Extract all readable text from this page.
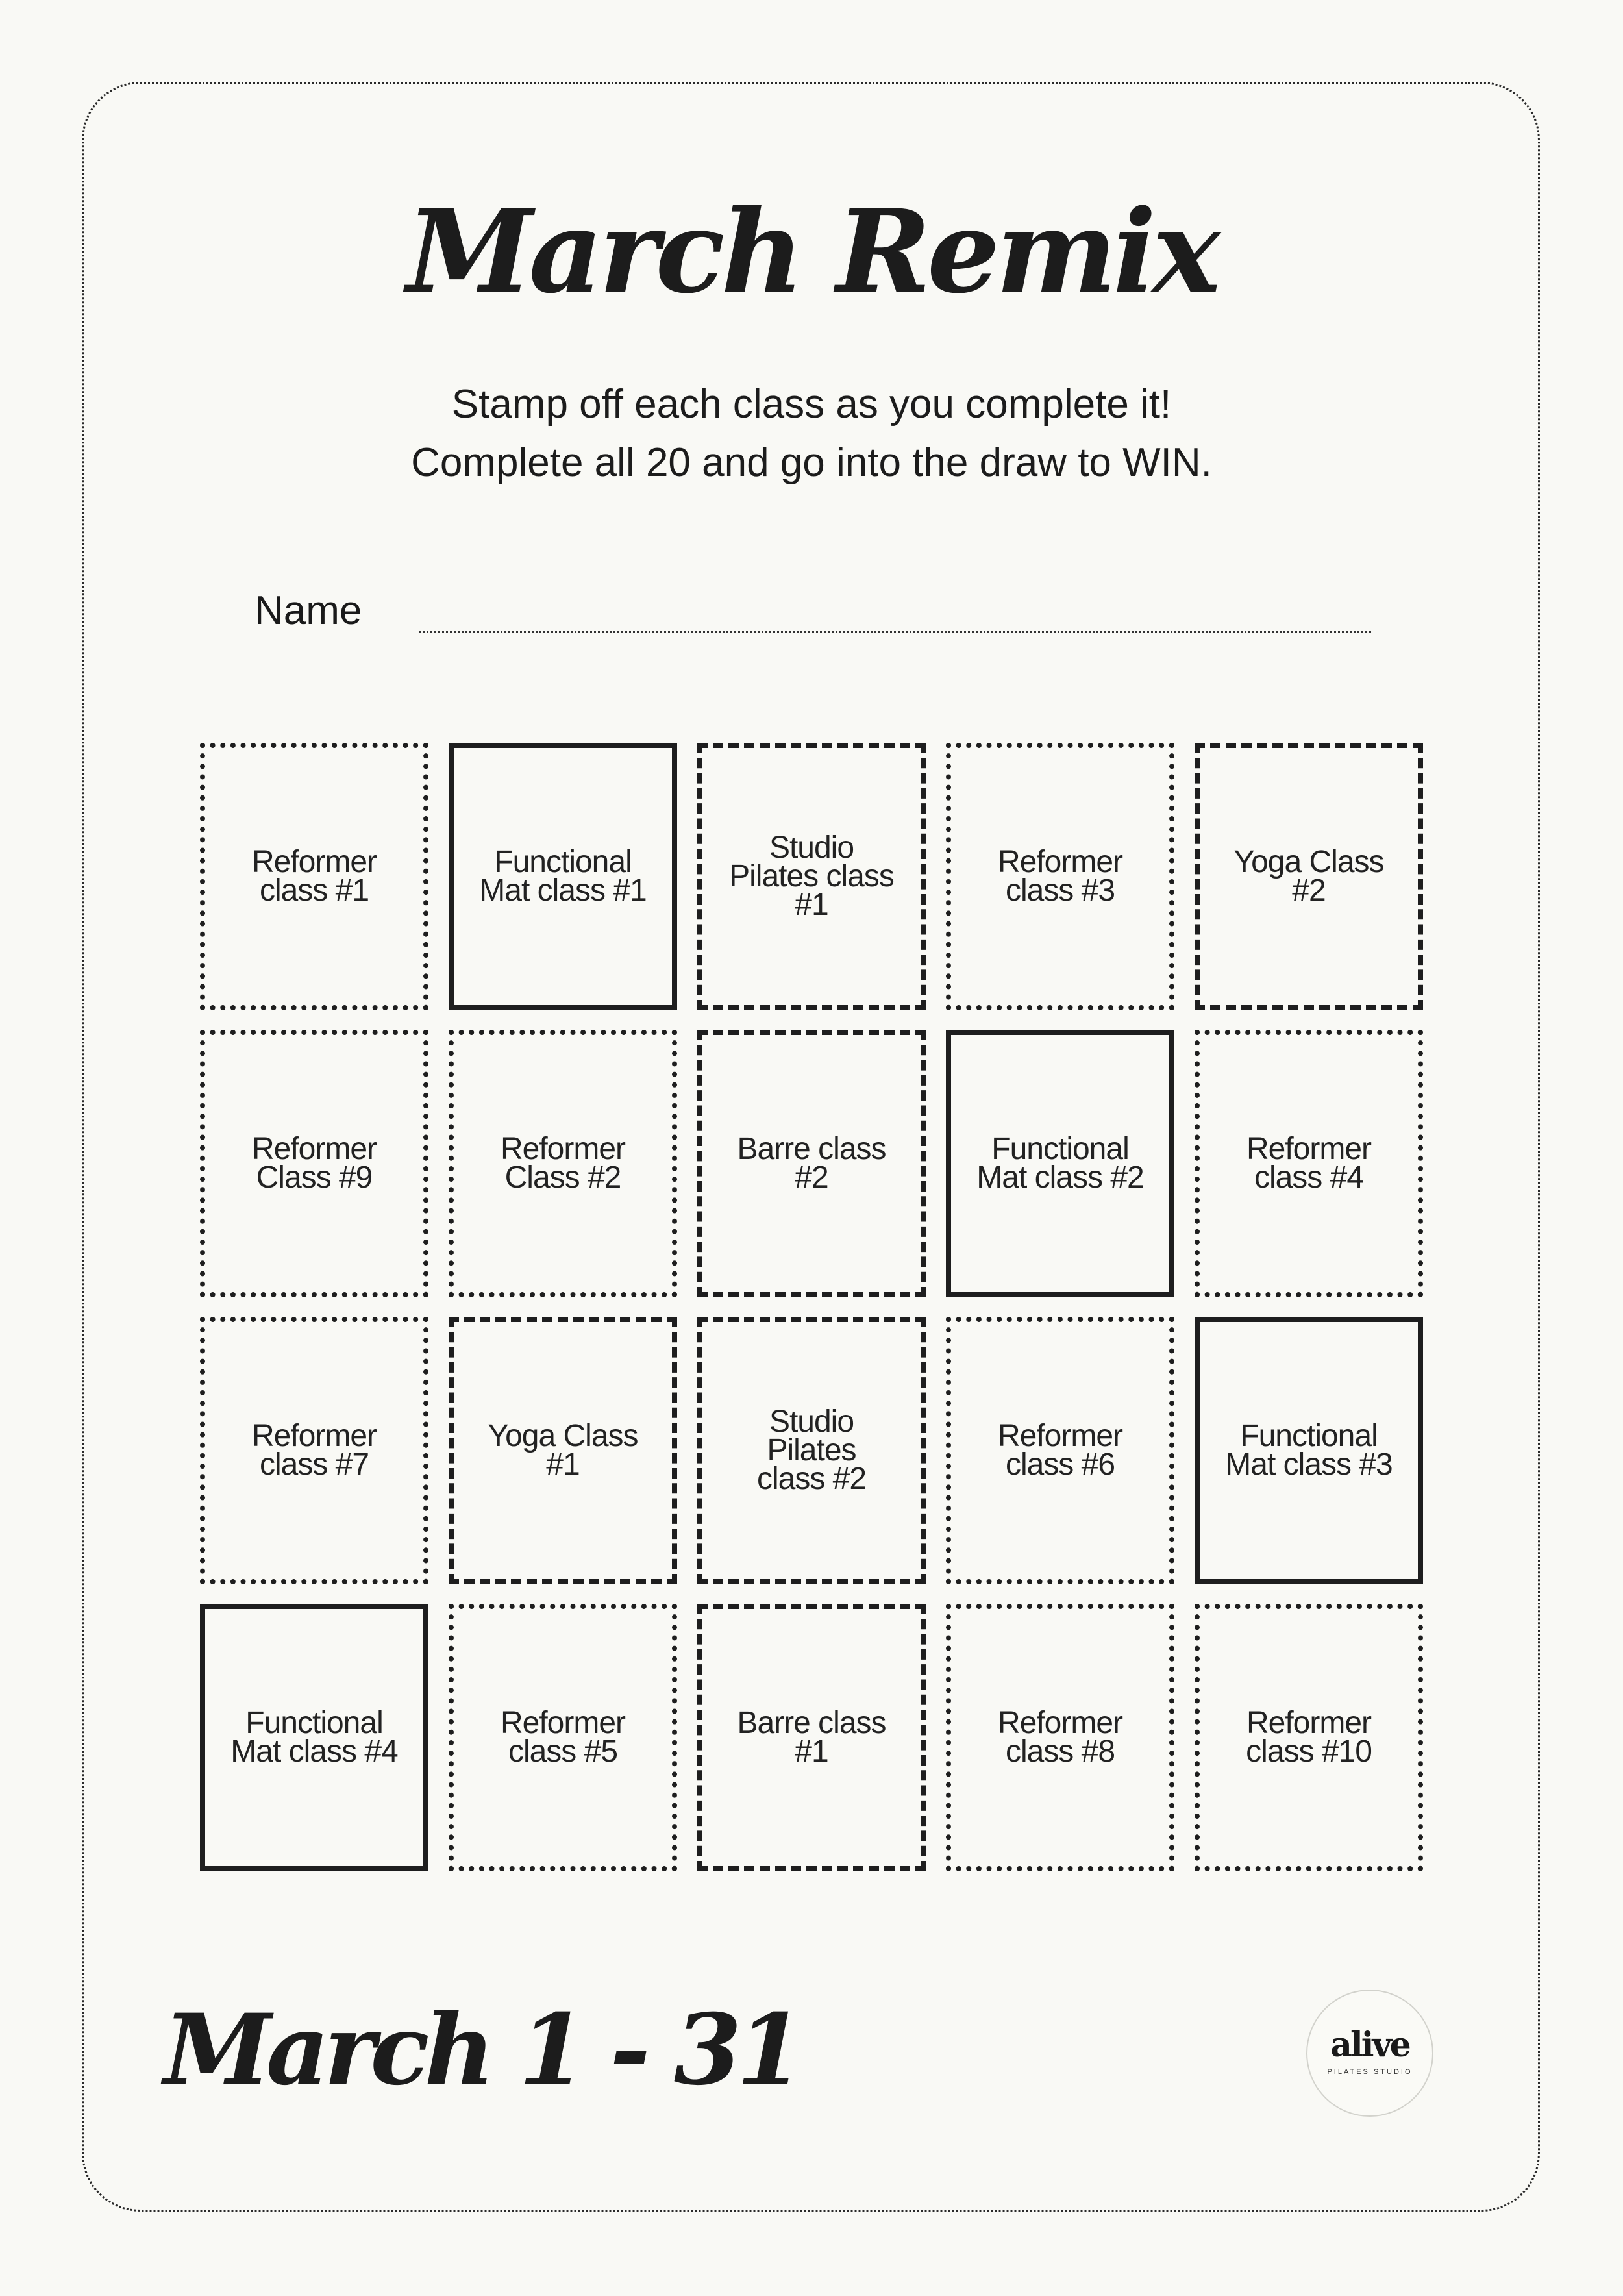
March Remix
Stamp off each class as you complete it!
Complete all 20 and go into the draw to WIN.
Name
Reformer
class #1
Functional
Mat class #1
Studio
Pilates class
#1
Reformer
class #3
Yoga Class
#2
Reformer
Class #9
Reformer
Class #2
Barre class
#2
Functional
Mat class #2
Reformer
class #4
Reformer
class #7
Yoga Class
#1
Studio
Pilates
class #2
Reformer
class #6
Functional
Mat class #3
Functional
Mat class #4
Reformer
class #5
Barre class
#1
Reformer
class #8
Reformer
class #10
March 1 - 31	alive
PILATES STUDIO
